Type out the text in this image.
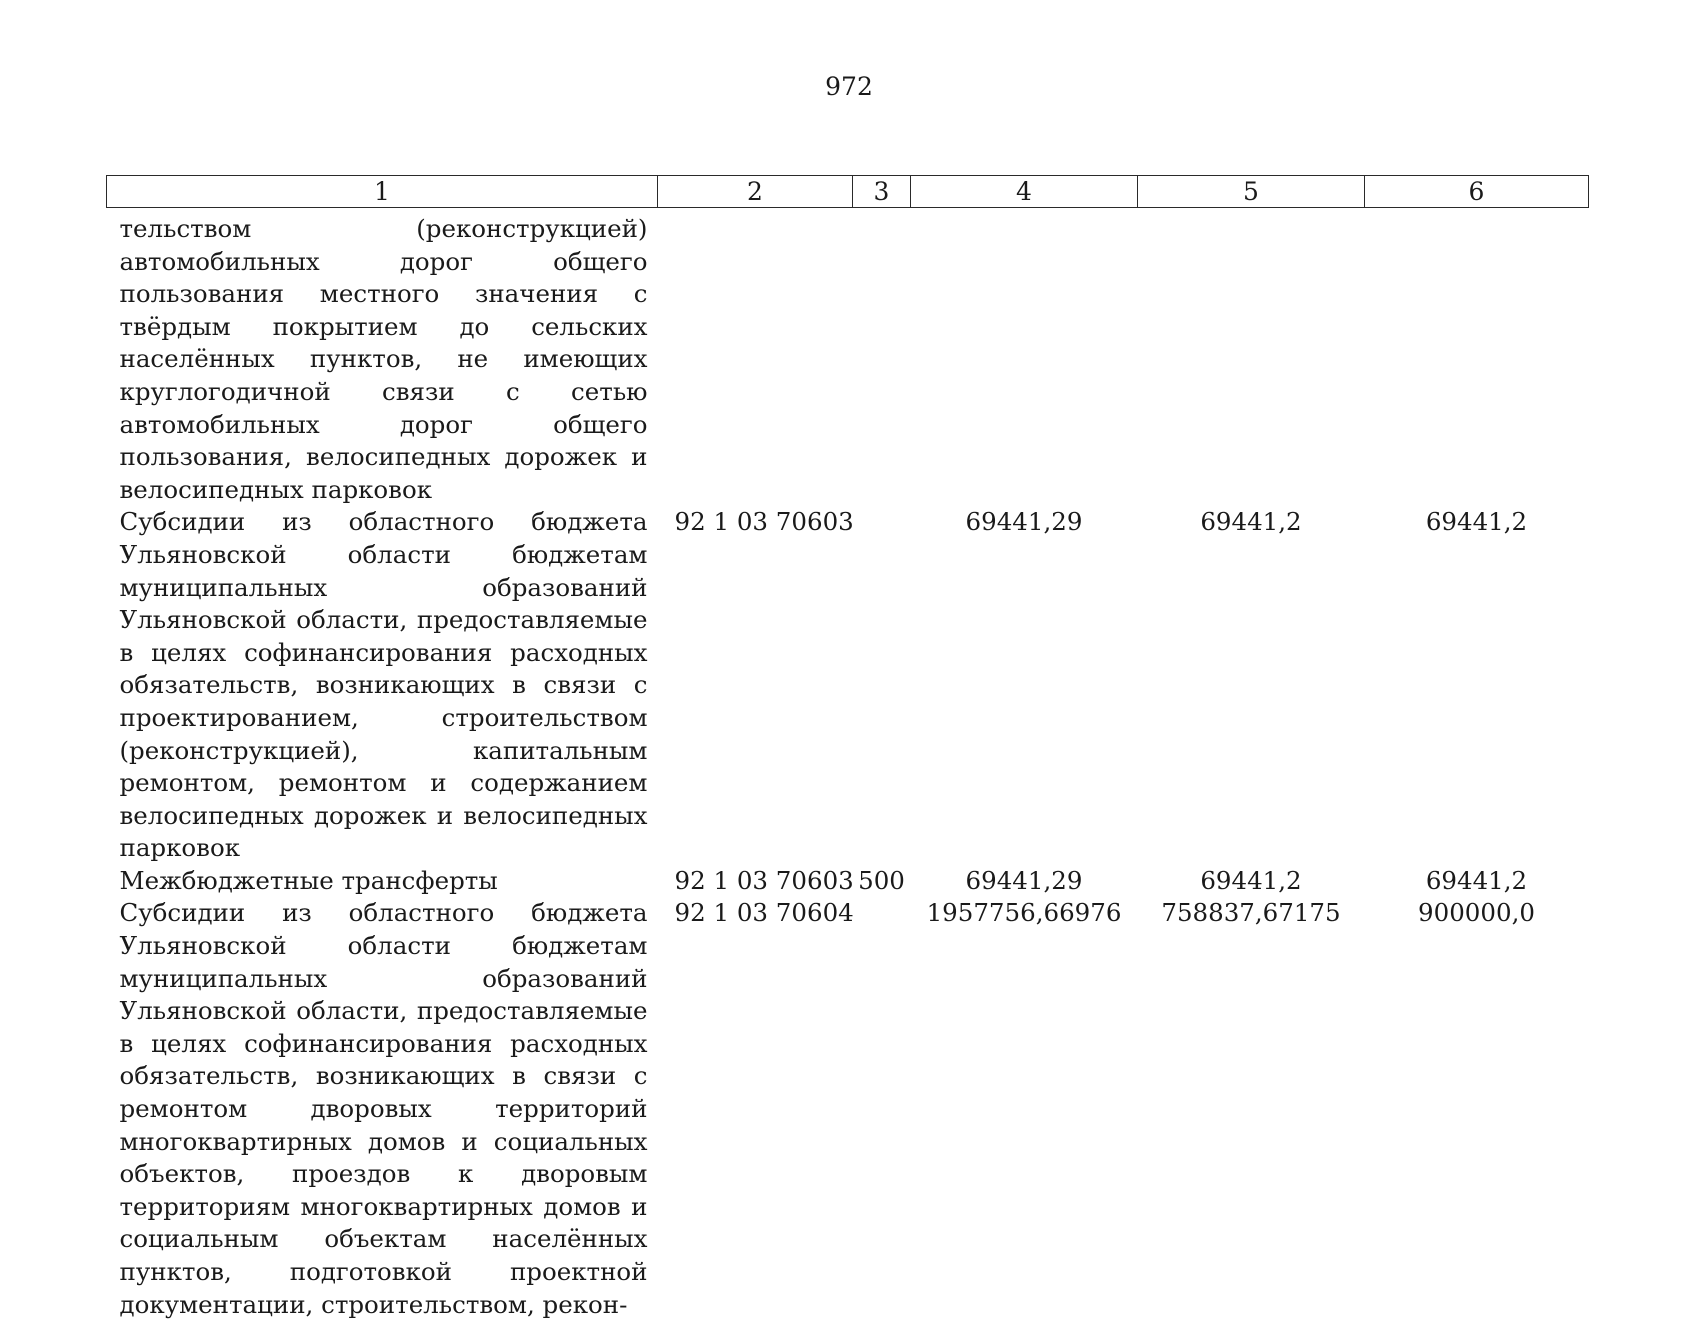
972
1	2	3	4	5	6
тельством (реконструкцией) автомобильных дорог общего пользования местного значения с твёрдым покрытием до сельских населённых пунктов, не имеющих круглогодичной связи с сетью автомобильных дорог общего пользования, велосипедных дорожек и велосипедных парковок					
Субсидии из областного бюджета Ульяновской области бюджетам муниципальных образований Ульяновской области, предоставляемые в целях софинансирования расходных обязательств, возникающих в связи с проектированием, строительством (реконструкцией), капитальным ремонтом, ремонтом и содержанием велосипедных дорожек и велосипедных парковок	92 1 03 70603		69441,29	69441,2	69441,2
Межбюджетные трансферты	92 1 03 70603	500	69441,29	69441,2	69441,2
Субсидии из областного бюджета Ульяновской области бюджетам муниципальных образований Ульяновской области, предоставляемые в целях софинансирования расходных обязательств, возникающих в связи с ремонтом дворовых территорий многоквартирных домов и социальных объектов, проездов к дворовым территориям многоквартирных домов и социальным объектам населённых пунктов, подготовкой проектной документации, строительством, рекон-	92 1 03 70604		1957756,66976	758837,67175	900000,0
